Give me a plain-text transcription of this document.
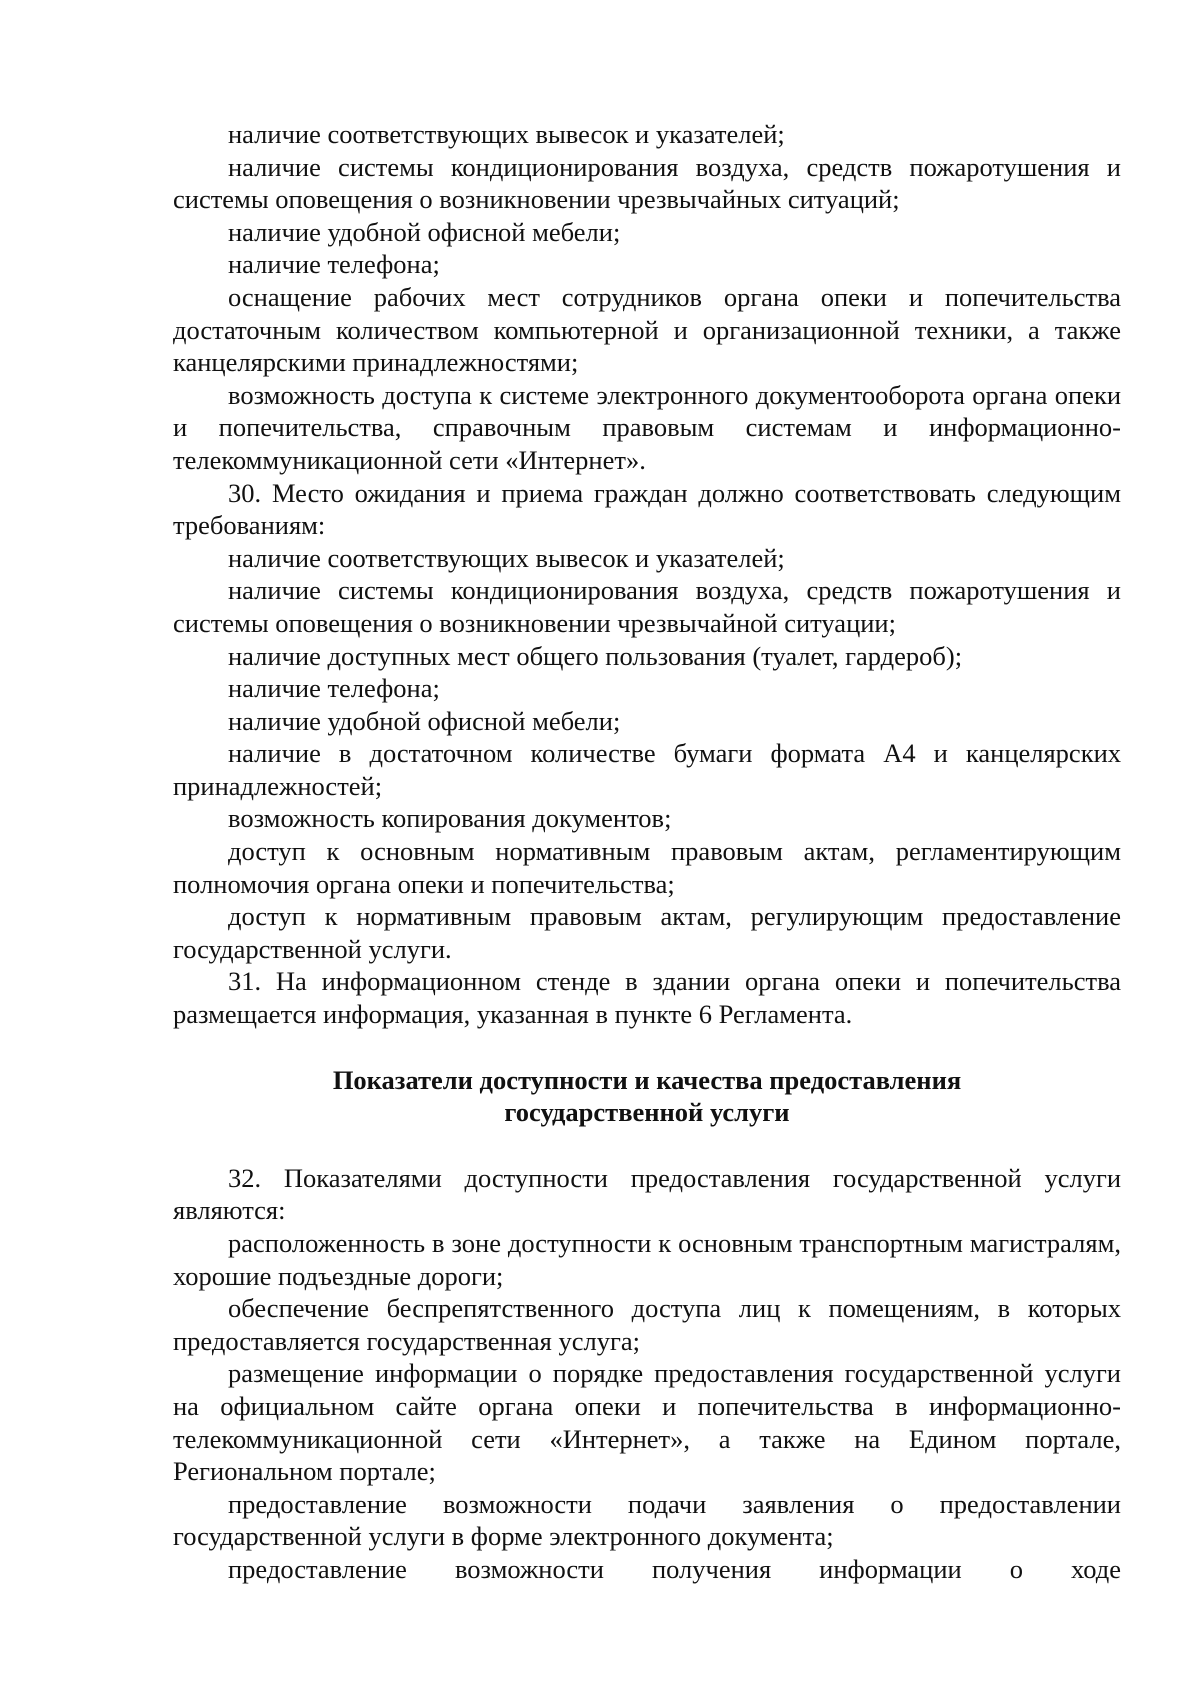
наличие соответствующих вывесок и указателей;

наличие системы кондиционирования воздуха, средств пожаротушения и системы оповещения о возникновении чрезвычайных ситуаций;

наличие удобной офисной мебели;

наличие телефона;

оснащение рабочих мест сотрудников органа опеки и попечительства достаточным количеством компьютерной и организационной техники, а также канцелярскими принадлежностями;

возможность доступа к системе электронного документооборота органа опеки и попечительства, справочным правовым системам и информационно-телекоммуникационной сети «Интернет».

30. Место ожидания и приема граждан должно соответствовать следующим требованиям:

наличие соответствующих вывесок и указателей;

наличие системы кондиционирования воздуха, средств пожаротушения и системы оповещения о возникновении чрезвычайной ситуации;

наличие доступных мест общего пользования (туалет, гардероб);

наличие телефона;

наличие удобной офисной мебели;

наличие в достаточном количестве бумаги формата А4 и канцелярских принадлежностей;

возможность копирования документов;

доступ к основным нормативным правовым актам, регламентирующим полномочия органа опеки и попечительства;

доступ к нормативным правовым актам, регулирующим предоставление государственной услуги.

31. На информационном стенде в здании органа опеки и попечительства размещается информация, указанная в пункте 6 Регламента.

Показатели доступности и качества предоставления

государственной услуги

32. Показателями доступности предоставления государственной услуги являются:

расположенность в зоне доступности к основным транспортным магистралям, хорошие подъездные дороги;

обеспечение беспрепятственного доступа лиц к помещениям, в которых предоставляется государственная услуга;

размещение информации о порядке предоставления государственной услуги на официальном сайте органа опеки и попечительства в информационно-телекоммуникационной сети «Интернет», а также на Едином портале, Региональном портале;

предоставление возможности подачи заявления о предоставлении государственной услуги в форме электронного документа;

предоставление возможности получения информации о ходе
